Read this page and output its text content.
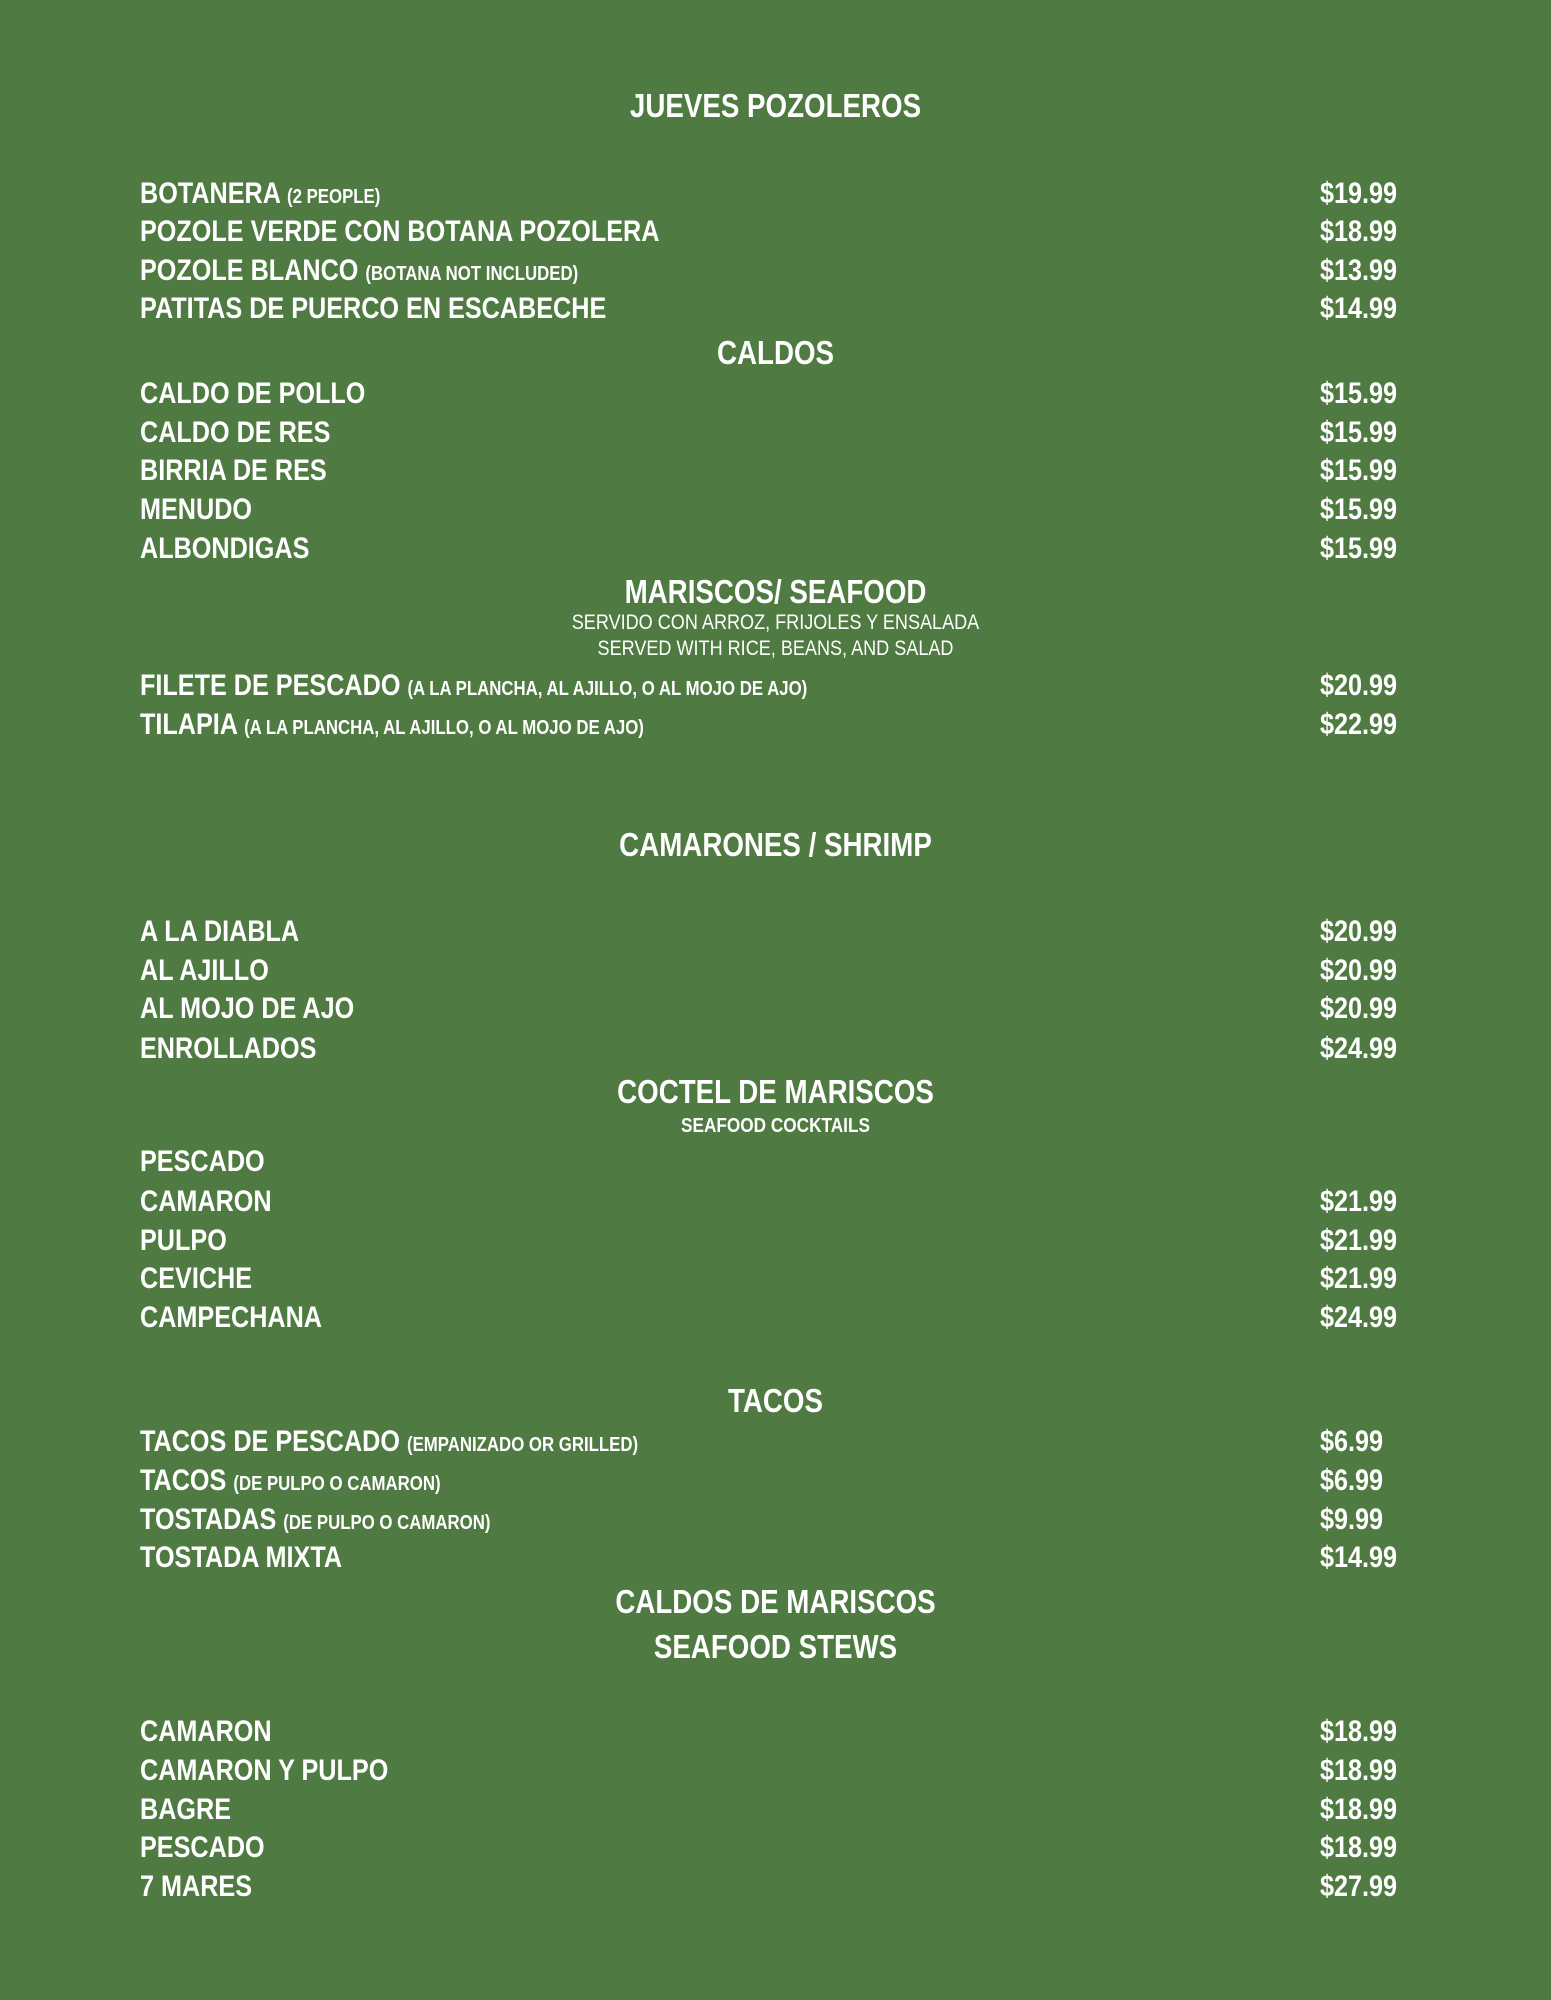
JUEVES POZOLEROS
BOTANERA (2 PEOPLE)	$19.99
POZOLE VERDE CON BOTANA POZOLERA	$18.99
POZOLE BLANCO (BOTANA NOT INCLUDED)	$13.99
PATITAS DE PUERCO EN ESCABECHE	$14.99
CALDOS
CALDO DE POLLO	$15.99
CALDO DE RES	$15.99
BIRRIA DE RES	$15.99
MENUDO	$15.99
ALBONDIGAS	$15.99
MARISCOS/ SEAFOOD
SERVIDO CON ARROZ, FRIJOLES Y ENSALADA
SERVED WITH RICE, BEANS, AND SALAD
FILETE DE PESCADO (A LA PLANCHA, AL AJILLO, O AL MOJO DE AJO)	$20.99
TILAPIA (A LA PLANCHA, AL AJILLO, O AL MOJO DE AJO)	$22.99
CAMARONES / SHRIMP
A LA DIABLA	$20.99
AL AJILLO	$20.99
AL MOJO DE AJO	$20.99
ENROLLADOS	$24.99
COCTEL DE MARISCOS
SEAFOOD COCKTAILS
PESCADO
CAMARON	$21.99
PULPO	$21.99
CEVICHE	$21.99
CAMPECHANA	$24.99
TACOS
TACOS DE PESCADO (EMPANIZADO OR GRILLED)	$6.99
TACOS (DE PULPO O CAMARON)	$6.99
TOSTADAS (DE PULPO O CAMARON)	$9.99
TOSTADA MIXTA	$14.99
CALDOS DE MARISCOS
SEAFOOD STEWS
CAMARON	$18.99
CAMARON Y PULPO	$18.99
BAGRE	$18.99
PESCADO	$18.99
7 MARES	$27.99
